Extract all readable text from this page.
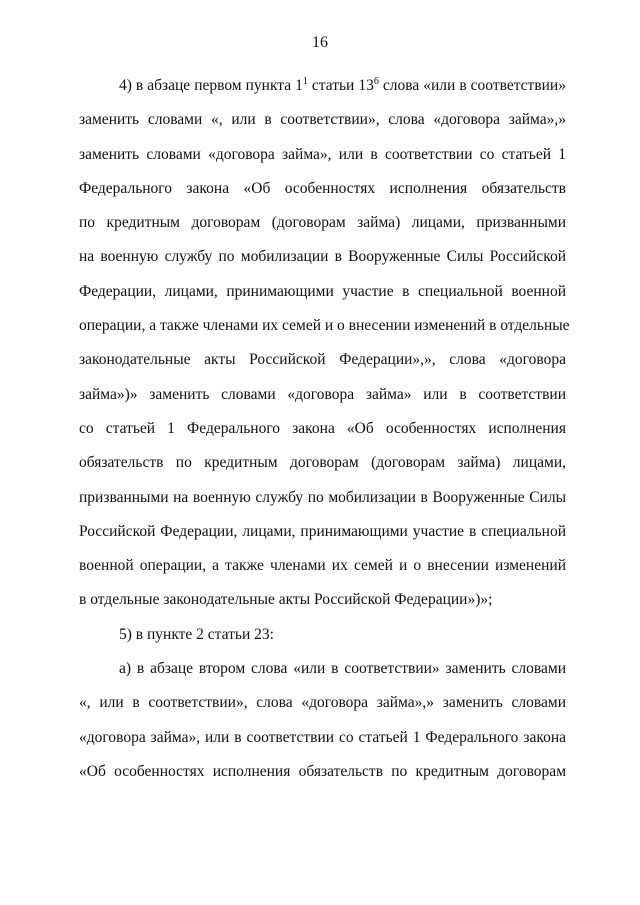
16
4) в абзаце первом пункта $1^1$ статьи $13^6$ слова «или в соответствии»
заменить словами «, или в соответствии», слова «договора займа»,»
заменить словами «договора займа», или в соответствии со статьей 1
Федерального закона «Об особенностях исполнения обязательств
по кредитным договорам (договорам займа) лицами, призванными
на военную службу по мобилизации в Вооруженные Силы Российской
Федерации, лицами, принимающими участие в специальной военной
операции, а также членами их семей и о внесении изменений в отдельные
законодательные акты Российской Федерации»,», слова «договора
займа»)» заменить словами «договора займа» или в соответствии
со статьей 1 Федерального закона «Об особенностях исполнения
обязательств по кредитным договорам (договорам займа) лицами,
призванными на военную службу по мобилизации в Вооруженные Силы
Российской Федерации, лицами, принимающими участие в специальной
военной операции, а также членами их семей и о внесении изменений
в отдельные законодательные акты Российской Федерации»)»;
5) в пункте 2 статьи 23:
а) в абзаце втором слова «или в соответствии» заменить словами
«, или в соответствии», слова «договора займа»,» заменить словами
«договора займа», или в соответствии со статьей 1 Федерального закона
«Об особенностях исполнения обязательств по кредитным договорам
